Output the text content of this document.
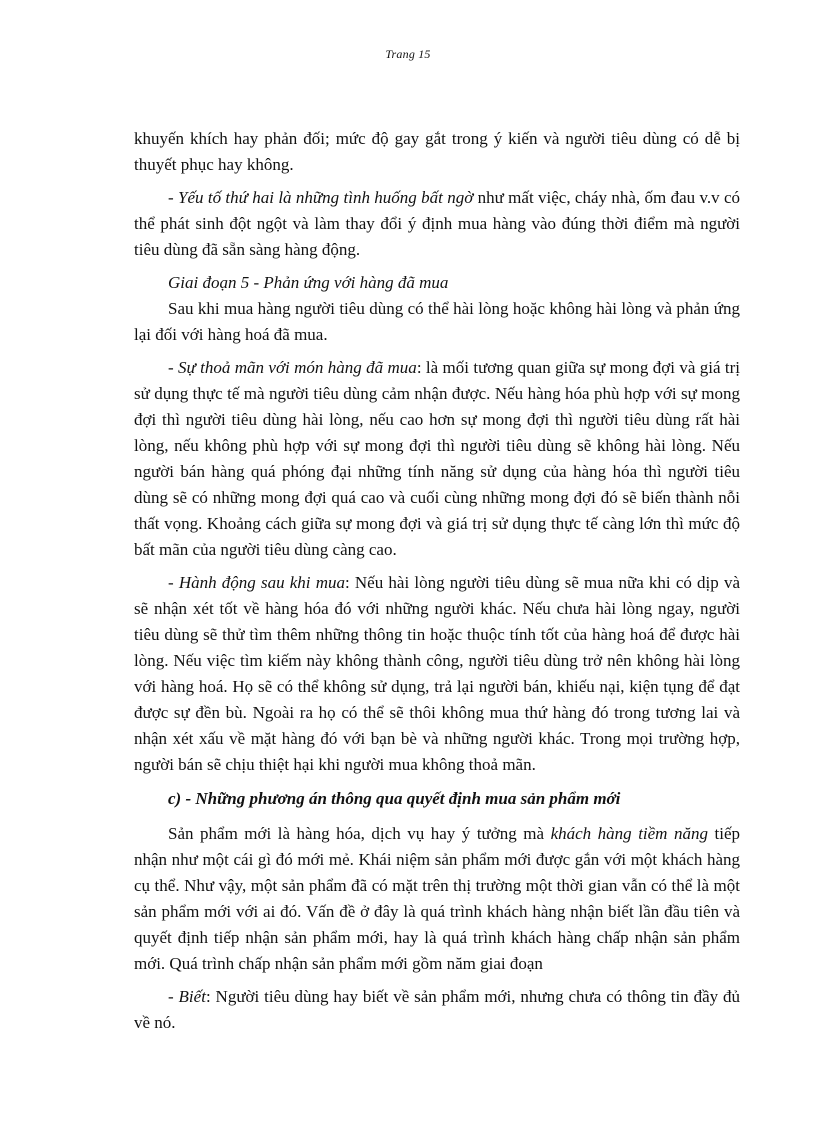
Trang 15

khuyến khích hay phản đối; mức độ gay gắt trong ý kiến và người tiêu dùng có dễ bị thuyết phục hay không.

- Yếu tố thứ hai là những tình huống bất ngờ như mất việc, cháy nhà, ốm đau v.v có thể phát sinh đột ngột và làm thay đổi ý định mua hàng vào đúng thời điểm mà người tiêu dùng đã sẵn sàng hàng động.

Giai đoạn 5 - Phản ứng với hàng đã mua

Sau khi mua hàng người tiêu dùng có thể hài lòng hoặc không hài lòng và phản ứng lại đối với hàng hoá đã mua.

- Sự thoả mãn với món hàng đã mua: là mối tương quan giữa sự mong đợi và giá trị sử dụng thực tế mà người tiêu dùng cảm nhận được. Nếu hàng hóa phù hợp với sự mong đợi thì người tiêu dùng hài lòng, nếu cao hơn sự mong đợi thì người tiêu dùng rất hài lòng, nếu không phù hợp với sự mong đợi thì người tiêu dùng sẽ không hài lòng. Nếu người bán hàng quá phóng đại những tính năng sử dụng của hàng hóa thì người tiêu dùng sẽ có những mong đợi quá cao và cuối cùng những mong đợi đó sẽ biến thành nỗi thất vọng. Khoảng cách giữa sự mong đợi và giá trị sử dụng thực tế càng lớn thì mức độ bất mãn của người tiêu dùng càng cao.

- Hành động sau khi mua: Nếu hài lòng người tiêu dùng sẽ mua nữa khi có dịp và sẽ nhận xét tốt về hàng hóa đó với những người khác. Nếu chưa hài lòng ngay, người tiêu dùng sẽ thử tìm thêm những thông tin hoặc thuộc tính tốt của hàng hoá để được hài lòng. Nếu việc tìm kiếm này không thành công, người tiêu dùng trở nên không hài lòng với hàng hoá. Họ sẽ có thể không sử dụng, trả lại người bán, khiếu nại, kiện tụng để đạt được sự đền bù. Ngoài ra họ có thể sẽ thôi không mua thứ hàng đó trong tương lai và nhận xét xấu về mặt hàng đó với bạn bè và những người khác. Trong mọi trường hợp, người bán sẽ chịu thiệt hại khi người mua không thoả mãn.

c) - Những phương án thông qua quyết định mua sản phẩm mới

Sản phẩm mới là hàng hóa, dịch vụ hay ý tưởng mà khách hàng tiềm năng tiếp nhận như một cái gì đó mới mẻ. Khái niệm sản phẩm mới được gắn với một khách hàng cụ thể. Như vậy, một sản phẩm đã có mặt trên thị trường một thời gian vẫn có thể là một sản phẩm mới với ai đó. Vấn đề ở đây là quá trình khách hàng nhận biết lần đầu tiên và quyết định tiếp nhận sản phẩm mới, hay là quá trình khách hàng chấp nhận sản phẩm mới. Quá trình chấp nhận sản phẩm mới gồm năm giai đoạn

- Biết: Người tiêu dùng hay biết về sản phẩm mới, nhưng chưa có thông tin đầy đủ về nó.
